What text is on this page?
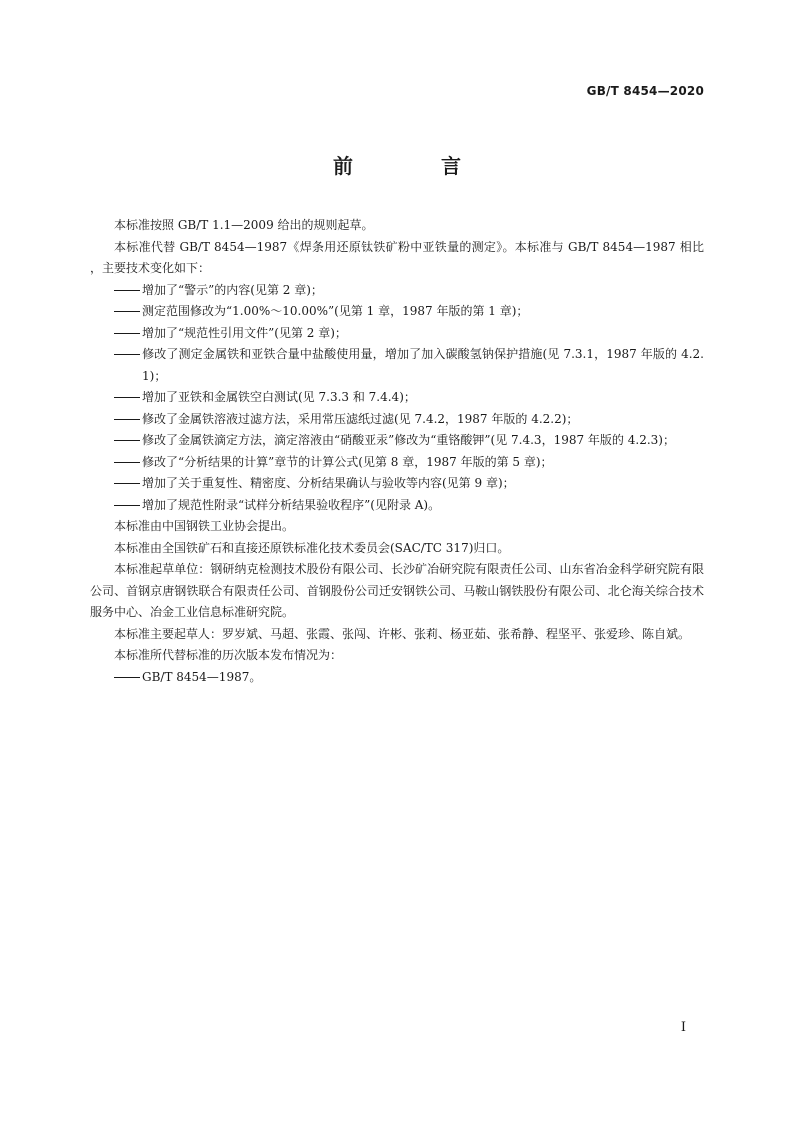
GB/T 8454—2020
前　言

本标准按照 GB/T 1.1—2009 给出的规则起草。

本标准代替 GB/T 8454—1987《焊条用还原钛铁矿粉中亚铁量的测定》。本标准与 GB/T 8454—1987 相比，主要技术变化如下：

增加了“警示”的内容(见第 2 章)；

测定范围修改为“1.00%～10.00%”(见第 1 章，1987 年版的第 1 章)；

增加了“规范性引用文件”(见第 2 章)；

修改了测定金属铁和亚铁合量中盐酸使用量，增加了加入碳酸氢钠保护措施(见 7.3.1，1987 年版的 4.2.1)；

增加了亚铁和金属铁空白测试(见 7.3.3 和 7.4.4)；

修改了金属铁溶液过滤方法，采用常压滤纸过滤(见 7.4.2，1987 年版的 4.2.2)；

修改了金属铁滴定方法，滴定溶液由“硝酸亚汞”修改为“重铬酸钾”(见 7.4.3，1987 年版的 4.2.3)；

修改了“分析结果的计算”章节的计算公式(见第 8 章，1987 年版的第 5 章)；

增加了关于重复性、精密度、分析结果确认与验收等内容(见第 9 章)；

增加了规范性附录“试样分析结果验收程序”(见附录 A)。

本标准由中国钢铁工业协会提出。

本标准由全国铁矿石和直接还原铁标准化技术委员会(SAC/TC 317)归口。

本标准起草单位：钢研纳克检测技术股份有限公司、长沙矿冶研究院有限责任公司、山东省冶金科学研究院有限公司、首钢京唐钢铁联合有限责任公司、首钢股份公司迁安钢铁公司、马鞍山钢铁股份有限公司、北仑海关综合技术服务中心、冶金工业信息标准研究院。

本标准主要起草人：罗岁斌、马超、张霞、张闯、许彬、张莉、杨亚茹、张希静、程坚平、张爱珍、陈自斌。

本标准所代替标准的历次版本发布情况为：

GB/T 8454—1987。

I
